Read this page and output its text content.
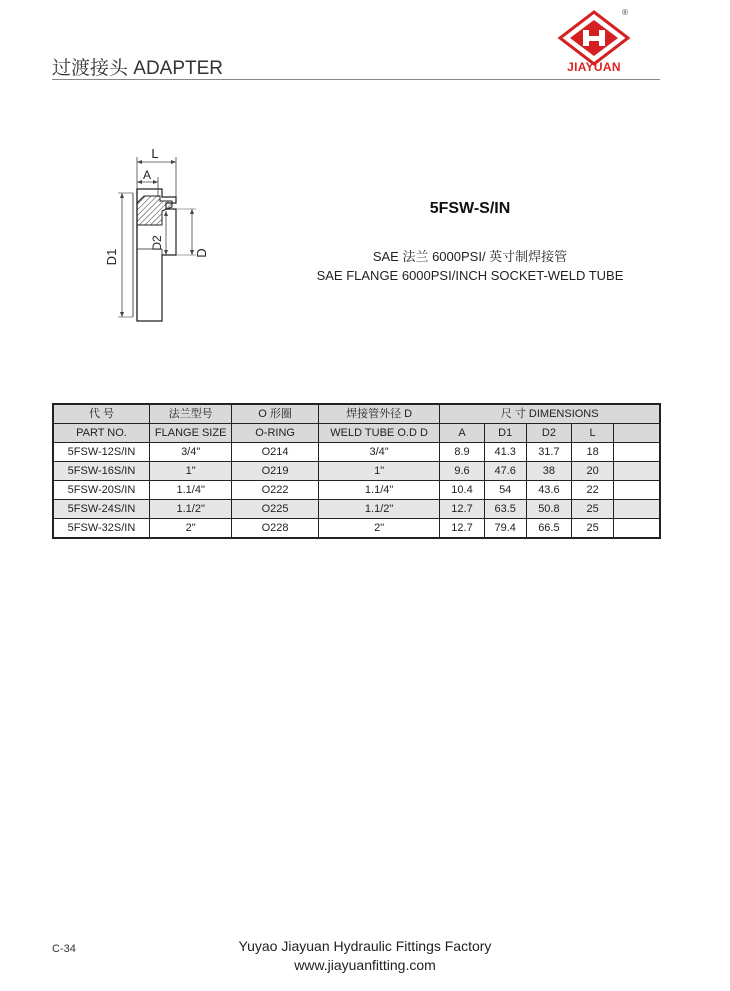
过渡接头 ADAPTER
®
JIAYUAN
L
A
D1
D2
D
5FSW-S/IN
SAE 法兰 6000PSI/ 英寸制焊接管
SAE FLANGE 6000PSI/INCH SOCKET-WELD TUBE
代 号	法兰型号	O 形圈	焊接管外径 D	尺 寸 DIMENSIONS				
PART NO.	FLANGE SIZE	O-RING	WELD TUBE O.D D	A	D1	D2	L	
5FSW-12S/IN	3/4"	O214	3/4"	8.9	41.3	31.7	18	
5FSW-16S/IN	1"	O219	1"	9.6	47.6	38	20	
5FSW-20S/IN	1.1/4"	O222	1.1/4"	10.4	54	43.6	22	
5FSW-24S/IN	1.1/2"	O225	1.1/2"	12.7	63.5	50.8	25	
5FSW-32S/IN	2"	O228	2"	12.7	79.4	66.5	25	
C-34	Yuyao Jiayuan Hydraulic Fittings Factory
www.jiayuanfitting.com
